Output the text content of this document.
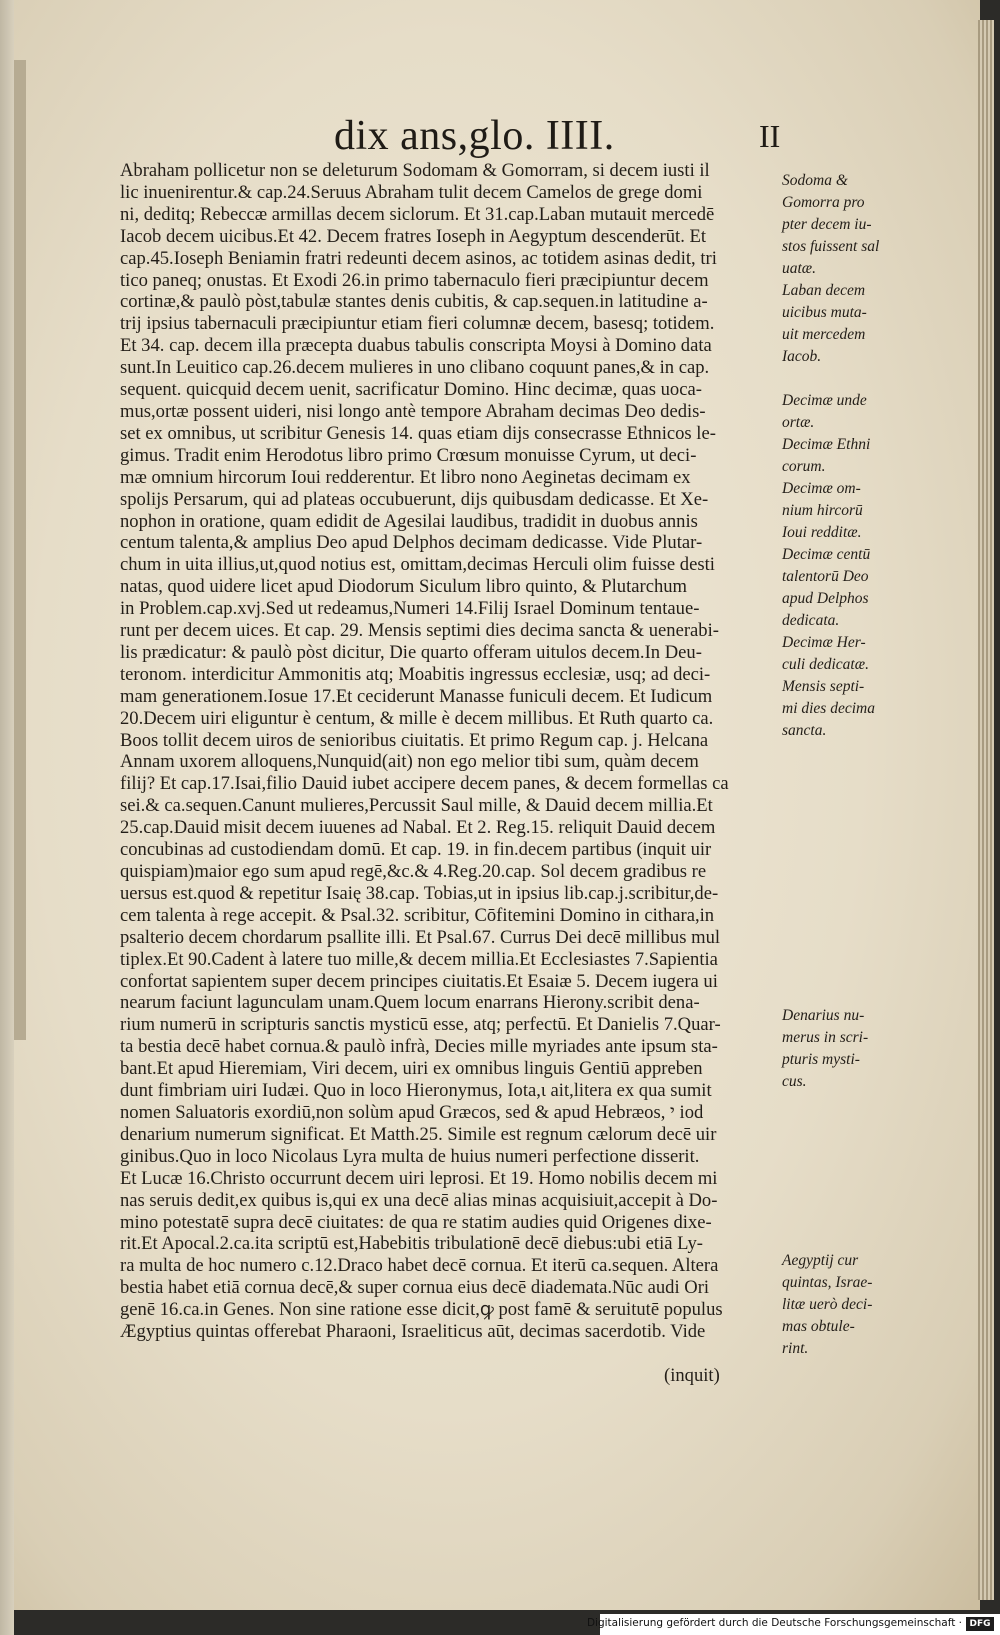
dix ans,glo. IIII.	II
Abraham pollicetur non se deleturum Sodomam & Gomorram, si decem iusti il
lic inuenirentur.& cap.24.Seruus Abraham tulit decem Camelos de grege domi
ni, deditq; Rebeccæ armillas decem siclorum. Et 31.cap.Laban mutauit mercedē
Iacob decem uicibus.Et 42. Decem fratres Ioseph in Aegyptum descenderūt. Et
cap.45.Ioseph Beniamin fratri redeunti decem asinos, ac totidem asinas dedit, tri
tico paneq; onustas. Et Exodi 26.in primo tabernaculo fieri præcipiuntur decem
cortinæ,& paulò pòst,tabulæ stantes denis cubitis, & cap.sequen.in latitudine a-
trij ipsius tabernaculi præcipiuntur etiam fieri columnæ decem, basesq; totidem.
Et 34. cap. decem illa præcepta duabus tabulis conscripta Moysi à Domino data
sunt.In Leuitico cap.26.decem mulieres in uno clibano coquunt panes,& in cap.
sequent. quicquid decem uenit, sacrificatur Domino. Hinc decimæ, quas uoca-
mus,ortæ possent uideri, nisi longo antè tempore Abraham decimas Deo dedis-
set ex omnibus, ut scribitur Genesis 14. quas etiam dijs consecrasse Ethnicos le-
gimus. Tradit enim Herodotus libro primo Crœsum monuisse Cyrum, ut deci-
mæ omnium hircorum Ioui redderentur. Et libro nono Aeginetas decimam ex
spolijs Persarum, qui ad plateas occubuerunt, dijs quibusdam dedicasse. Et Xe-
nophon in oratione, quam edidit de Agesilai laudibus, tradidit in duobus annis
centum talenta,& amplius Deo apud Delphos decimam dedicasse. Vide Plutar-
chum in uita illius,ut,quod notius est, omittam,decimas Herculi olim fuisse desti
natas, quod uidere licet apud Diodorum Siculum libro quinto, & Plutarchum
in Problem.cap.xvj.Sed ut redeamus,Numeri 14.Filij Israel Dominum tentaue-
runt per decem uices. Et cap. 29. Mensis septimi dies decima sancta & uenerabi-
lis prædicatur: & paulò pòst dicitur, Die quarto offeram uitulos decem.In Deu-
teronom. interdicitur Ammonitis atq; Moabitis ingressus ecclesiæ, usq; ad deci-
mam generationem.Iosue 17.Et ceciderunt Manasse funiculi decem. Et Iudicum
20.Decem uiri eliguntur è centum, & mille è decem millibus. Et Ruth quarto ca.
Boos tollit decem uiros de senioribus ciuitatis. Et primo Regum cap. j. Helcana
Annam uxorem alloquens,Nunquid(ait) non ego melior tibi sum, quàm decem
filij? Et cap.17.Isai,filio Dauid iubet accipere decem panes, & decem formellas ca
sei.& ca.sequen.Canunt mulieres,Percussit Saul mille, & Dauid decem millia.Et
25.cap.Dauid misit decem iuuenes ad Nabal. Et 2. Reg.15. reliquit Dauid decem
concubinas ad custodiendam domū. Et cap. 19. in fin.decem partibus (inquit uir
quispiam)maior ego sum apud regē,&c.& 4.Reg.20.cap. Sol decem gradibus re
uersus est.quod & repetitur Isaię 38.cap. Tobias,ut in ipsius lib.cap.j.scribitur,de-
cem talenta à rege accepit. & Psal.32. scribitur, Cōfitemini Domino in cithara,in
psalterio decem chordarum psallite illi. Et Psal.67. Currus Dei decē millibus mul
tiplex.Et 90.Cadent à latere tuo mille,& decem millia.Et Ecclesiastes 7.Sapientia
confortat sapientem super decem principes ciuitatis.Et Esaiæ 5. Decem iugera ui
nearum faciunt lagunculam unam.Quem locum enarrans Hierony.scribit dena-
rium numerū in scripturis sanctis mysticū esse, atq; perfectū. Et Danielis 7.Quar-
ta bestia decē habet cornua.& paulò infrà, Decies mille myriades ante ipsum sta-
bant.Et apud Hieremiam, Viri decem, uiri ex omnibus linguis Gentiū appreben
dunt fimbriam uiri Iudæi. Quo in loco Hieronymus, Iota,ι ait,litera ex qua sumit
nomen Saluatoris exordiū,non solùm apud Græcos, sed & apud Hebræos, י iod
denarium numerum significat. Et Matth.25. Simile est regnum cælorum decē uir
ginibus.Quo in loco Nicolaus Lyra multa de huius numeri perfectione disserit.
Et Lucæ 16.Christo occurrunt decem uiri leprosi. Et 19. Homo nobilis decem mi
nas seruis dedit,ex quibus is,qui ex una decē alias minas acquisiuit,accepit à Do-
mino potestatē supra decē ciuitates: de qua re statim audies quid Origenes dixe-
rit.Et Apocal.2.ca.ita scriptū est,Habebitis tribulationē decē diebus:ubi etiā Ly-
ra multa de hoc numero c.12.Draco habet decē cornua. Et iterū ca.sequen. Altera
bestia habet etiā cornua decē,& super cornua eius decē diademata.Nūc audi Ori
genē 16.ca.in Genes. Non sine ratione esse dicit,ꝙ post famē & seruitutē populus
Ægyptius quintas offerebat Pharaoni, Israeliticus aūt, decimas sacerdotib. Vide
(inquit)
Sodoma &
Gomorra pro
pter decem iu-
stos fuissent sal
uatæ.
Laban decem
uicibus muta-
uit mercedem
Iacob.
Decimæ unde
ortæ.
Decimæ Ethni
corum.
Decimæ om-
nium hircorū
Ioui redditæ.
Decimæ centū
talentorū Deo
apud Delphos
dedicata.
Decimæ Her-
culi dedicatæ.
Mensis septi-
mi dies decima
sancta.
Denarius nu-
merus in scri-
pturis mysti-
cus.
Aegyptij cur
quintas, Israe-
litæ uerò deci-
mas obtule-
rint.
Digitalisierung gefördert durch die Deutsche Forschungsgemeinschaft · DFG
